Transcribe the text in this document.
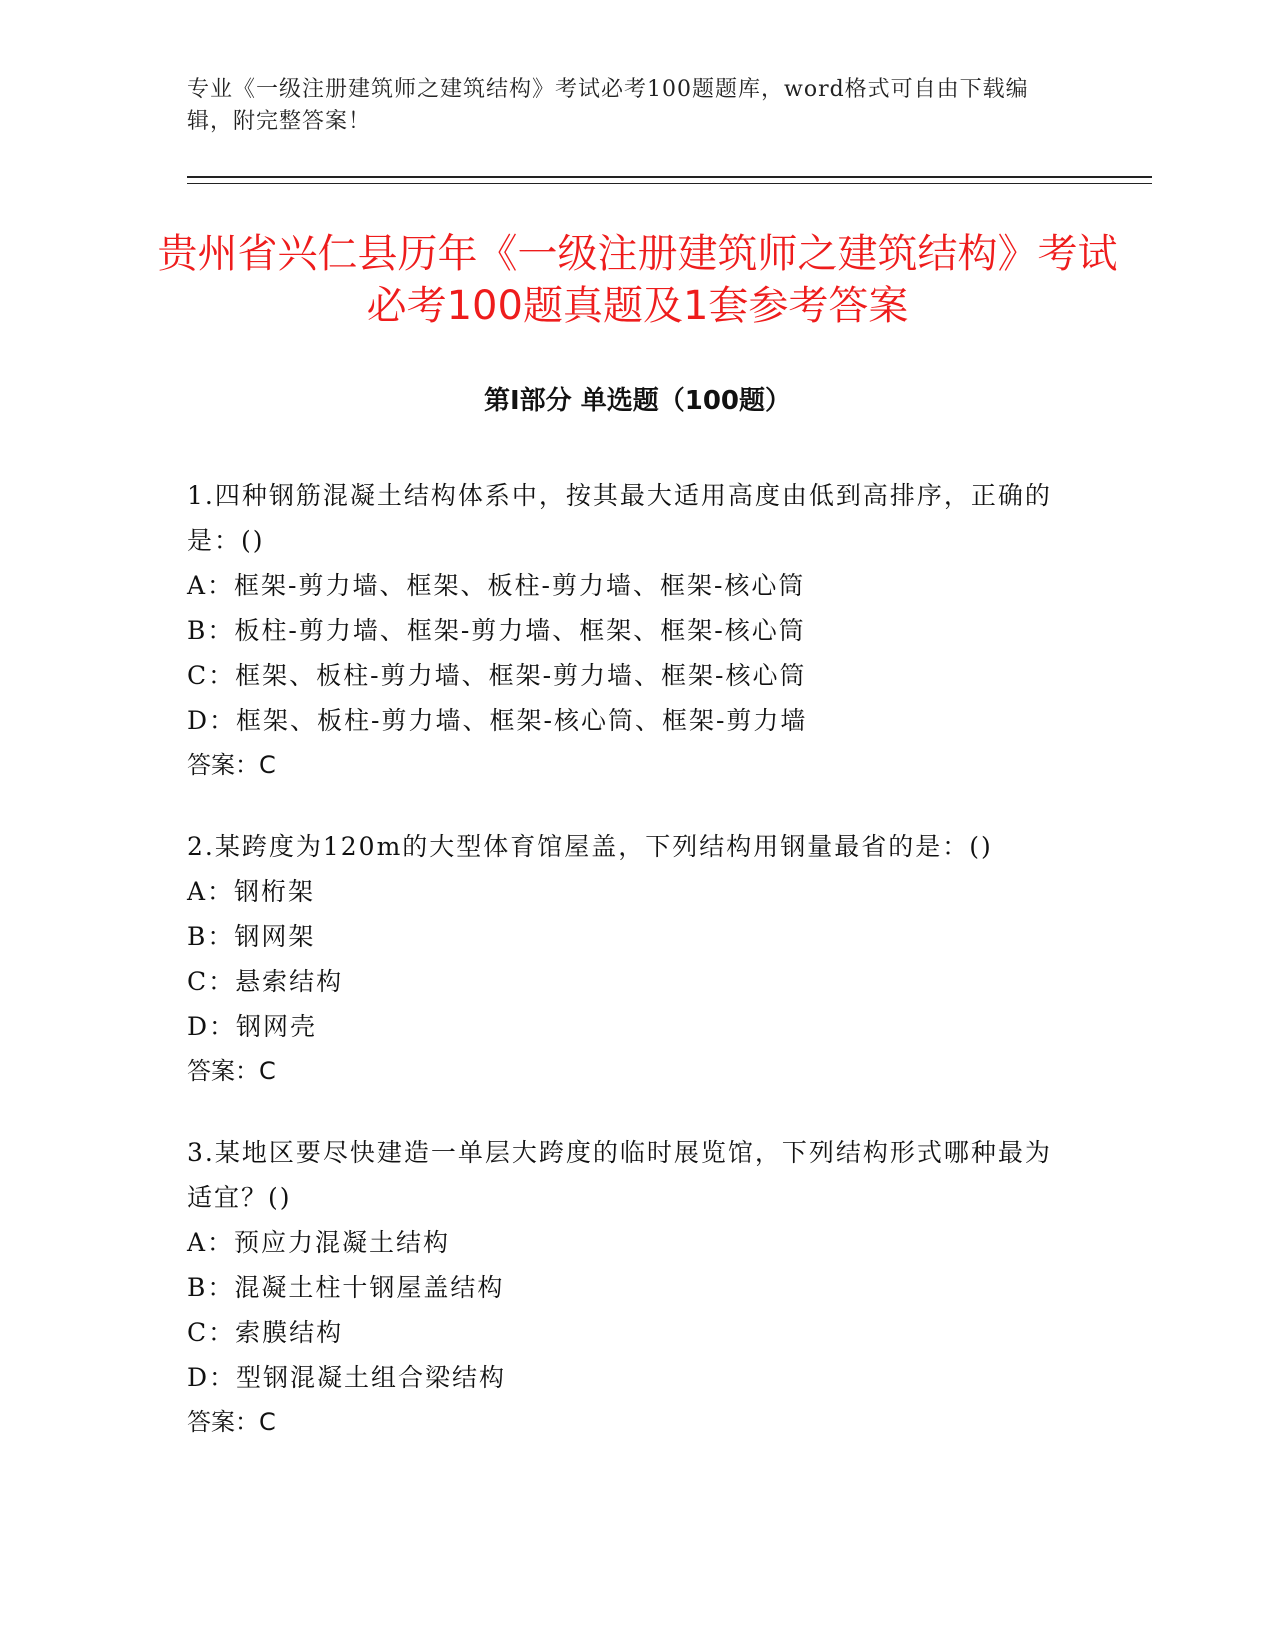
专业《一级注册建筑师之建筑结构》考试必考100题题库，word格式可自由下载编辑，附完整答案！
贵州省兴仁县历年《一级注册建筑师之建筑结构》考试必考100题真题及1套参考答案
第Ⅰ部分 单选题（100题）

1.四种钢筋混凝土结构体系中，按其最大适用高度由低到高排序，正确的是：()

A：框架-剪力墙、框架、板柱-剪力墙、框架-核心筒

B：板柱-剪力墙、框架-剪力墙、框架、框架-核心筒

C：框架、板柱-剪力墙、框架-剪力墙、框架-核心筒

D：框架、板柱-剪力墙、框架-核心筒、框架-剪力墙

答案：C

2.某跨度为120m的大型体育馆屋盖，下列结构用钢量最省的是：()

A：钢桁架

B：钢网架

C：悬索结构

D：钢网壳

答案：C

3.某地区要尽快建造一单层大跨度的临时展览馆，下列结构形式哪种最为适宜？()

A：预应力混凝土结构

B：混凝土柱十钢屋盖结构

C：索膜结构

D：型钢混凝土组合梁结构

答案：C
